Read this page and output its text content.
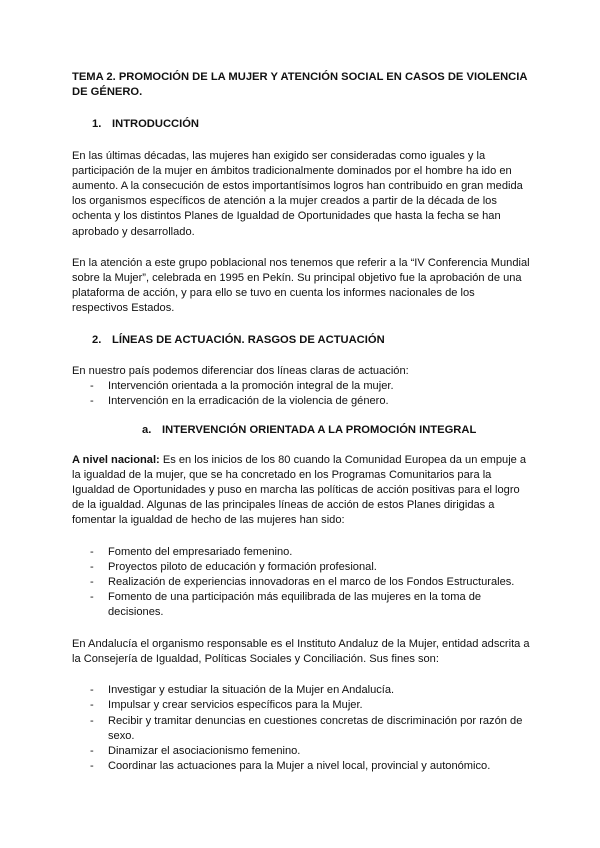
TEMA 2. PROMOCIÓN DE LA MUJER Y ATENCIÓN SOCIAL EN CASOS DE VIOLENCIA DE GÉNERO.
1. INTRODUCCIÓN

En las últimas décadas, las mujeres han exigido ser consideradas como iguales y la participación de la mujer en ámbitos tradicionalmente dominados por el hombre ha ido en aumento. A la consecución de estos importantísimos logros han contribuido en gran medida los organismos específicos de atención a la mujer creados a partir de la década de los ochenta y los distintos Planes de Igualdad de Oportunidades que hasta la fecha se han aprobado y desarrollado.

En la atención a este grupo poblacional nos tenemos que referir a la “IV Conferencia Mundial sobre la Mujer”, celebrada en 1995 en Pekín. Su principal objetivo fue la aprobación de una plataforma de acción, y para ello se tuvo en cuenta los informes nacionales de los respectivos Estados.

2. LÍNEAS DE ACTUACIÓN. RASGOS DE ACTUACIÓN

En nuestro país podemos diferenciar dos líneas claras de actuación:

- Intervención orientada a la promoción integral de la mujer.
- Intervención en la erradicación de la violencia de género.
a. INTERVENCIÓN ORIENTADA A LA PROMOCIÓN INTEGRAL

A nivel nacional: Es en los inicios de los 80 cuando la Comunidad Europea da un empuje a la igualdad de la mujer, que se ha concretado en los Programas Comunitarios para la Igualdad de Oportunidades y puso en marcha las políticas de acción positivas para el logro de la igualdad. Algunas de las principales líneas de acción de estos Planes dirigidas a fomentar la igualdad de hecho de las mujeres han sido:

- Fomento del empresariado femenino.
- Proyectos piloto de educación y formación profesional.
- Realización de experiencias innovadoras en el marco de los Fondos Estructurales.
- Fomento de una participación más equilibrada de las mujeres en la toma de decisiones.

En Andalucía el organismo responsable es el Instituto Andaluz de la Mujer, entidad adscrita a la Consejería de Igualdad, Políticas Sociales y Conciliación. Sus fines son:

- Investigar y estudiar la situación de la Mujer en Andalucía.
- Impulsar y crear servicios específicos para la Mujer.
- Recibir y tramitar denuncias en cuestiones concretas de discriminación por razón de sexo.
- Dinamizar el asociacionismo femenino.
- Coordinar las actuaciones para la Mujer a nivel local, provincial y autonómico.
